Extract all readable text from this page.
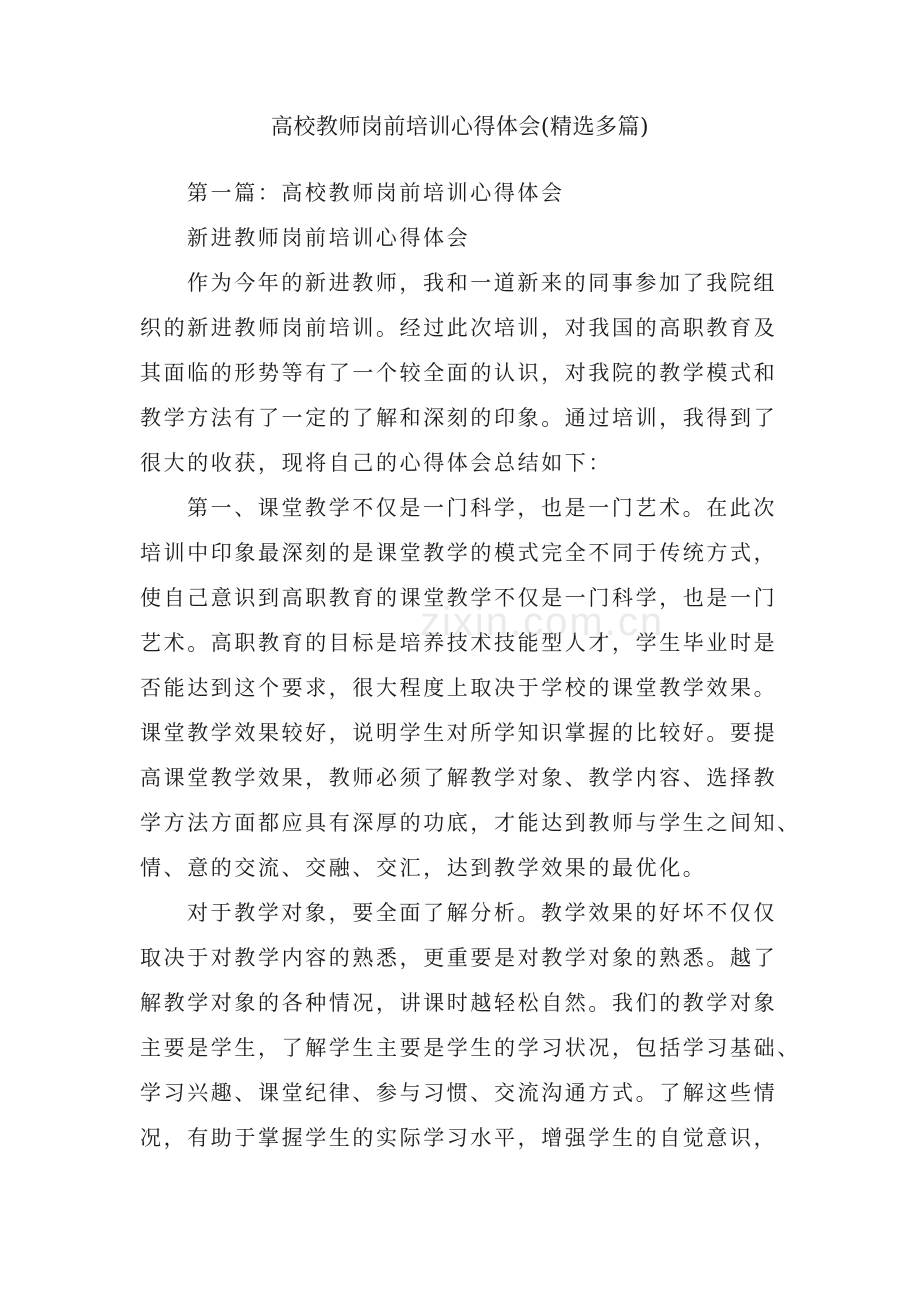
高校教师岗前培训心得体会(精选多篇)
第一篇：高校教师岗前培训心得体会
新进教师岗前培训心得体会
作为今年的新进教师，我和一道新来的同事参加了我院组
织的新进教师岗前培训。经过此次培训，对我国的高职教育及
其面临的形势等有了一个较全面的认识，对我院的教学模式和
教学方法有了一定的了解和深刻的印象。通过培训，我得到了
很大的收获，现将自己的心得体会总结如下：
第一、课堂教学不仅是一门科学，也是一门艺术。在此次
培训中印象最深刻的是课堂教学的模式完全不同于传统方式，
使自己意识到高职教育的课堂教学不仅是一门科学，也是一门
艺术。高职教育的目标是培养技术技能型人才，学生毕业时是
否能达到这个要求，很大程度上取决于学校的课堂教学效果。
课堂教学效果较好，说明学生对所学知识掌握的比较好。要提
高课堂教学效果，教师必须了解教学对象、教学内容、选择教
学方法方面都应具有深厚的功底，才能达到教师与学生之间知、
情、意的交流、交融、交汇，达到教学效果的最优化。
对于教学对象，要全面了解分析。教学效果的好坏不仅仅
取决于对教学内容的熟悉，更重要是对教学对象的熟悉。越了
解教学对象的各种情况，讲课时越轻松自然。我们的教学对象
主要是学生，了解学生主要是学生的学习状况，包括学习基础、
学习兴趣、课堂纪律、参与习惯、交流沟通方式。了解这些情
况，有助于掌握学生的实际学习水平，增强学生的自觉意识，
zixin.com.cn
